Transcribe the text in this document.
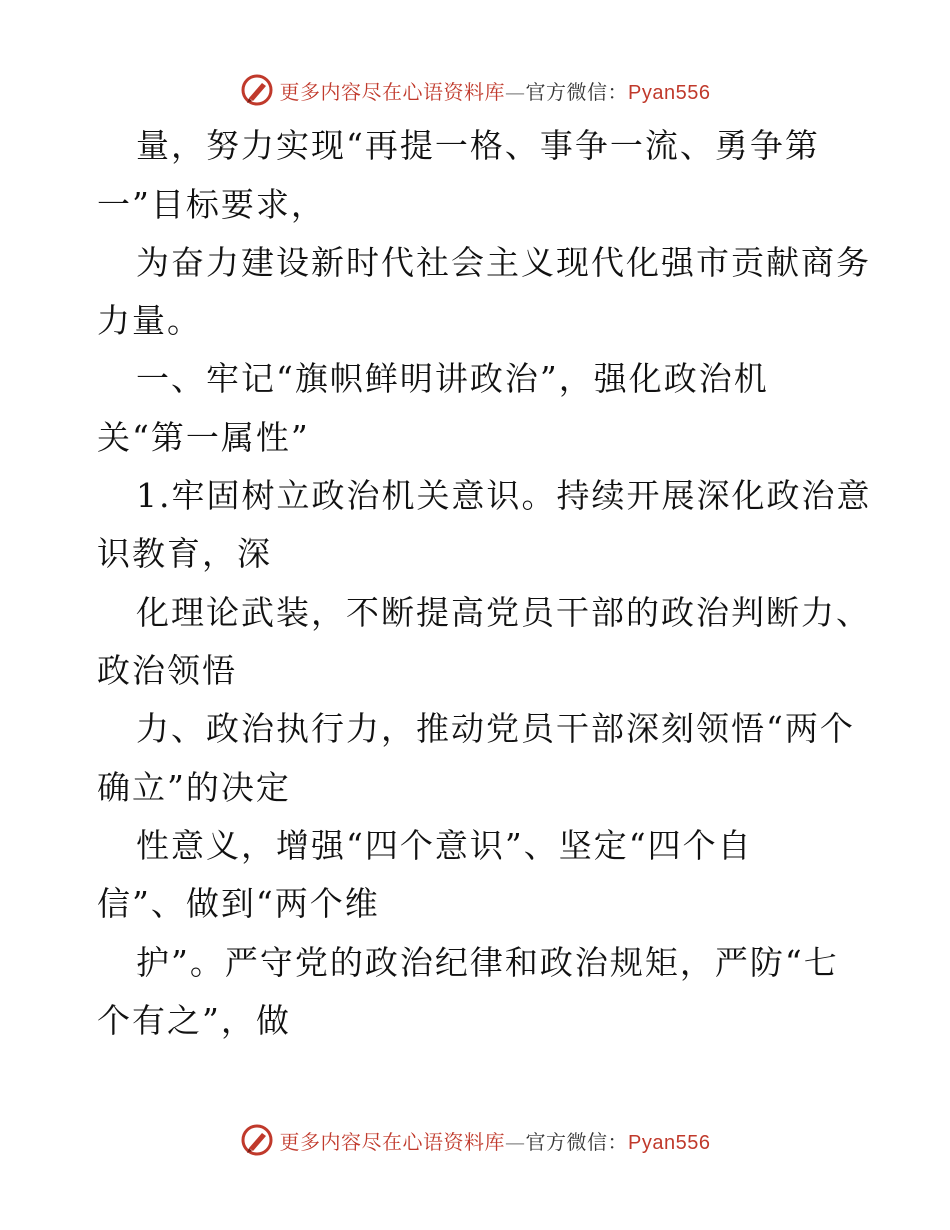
更多内容尽在心语资料库—官方微信：Pyan556
量，努力实现“再提一格、事争一流、勇争第
一”目标要求，
为奋力建设新时代社会主义现代化强市贡献商务
力量。
一、牢记“旗帜鲜明讲政治”，强化政治机
关“第一属性”
1.牢固树立政治机关意识。持续开展深化政治意
识教育，深
化理论武装，不断提高党员干部的政治判断力、
政治领悟
力、政治执行力，推动党员干部深刻领悟“两个
确立”的决定
性意义，增强“四个意识”、坚定“四个自
信”、做到“两个维
护”。严守党的政治纪律和政治规矩，严防“七
个有之”，做
更多内容尽在心语资料库—官方微信：Pyan556
